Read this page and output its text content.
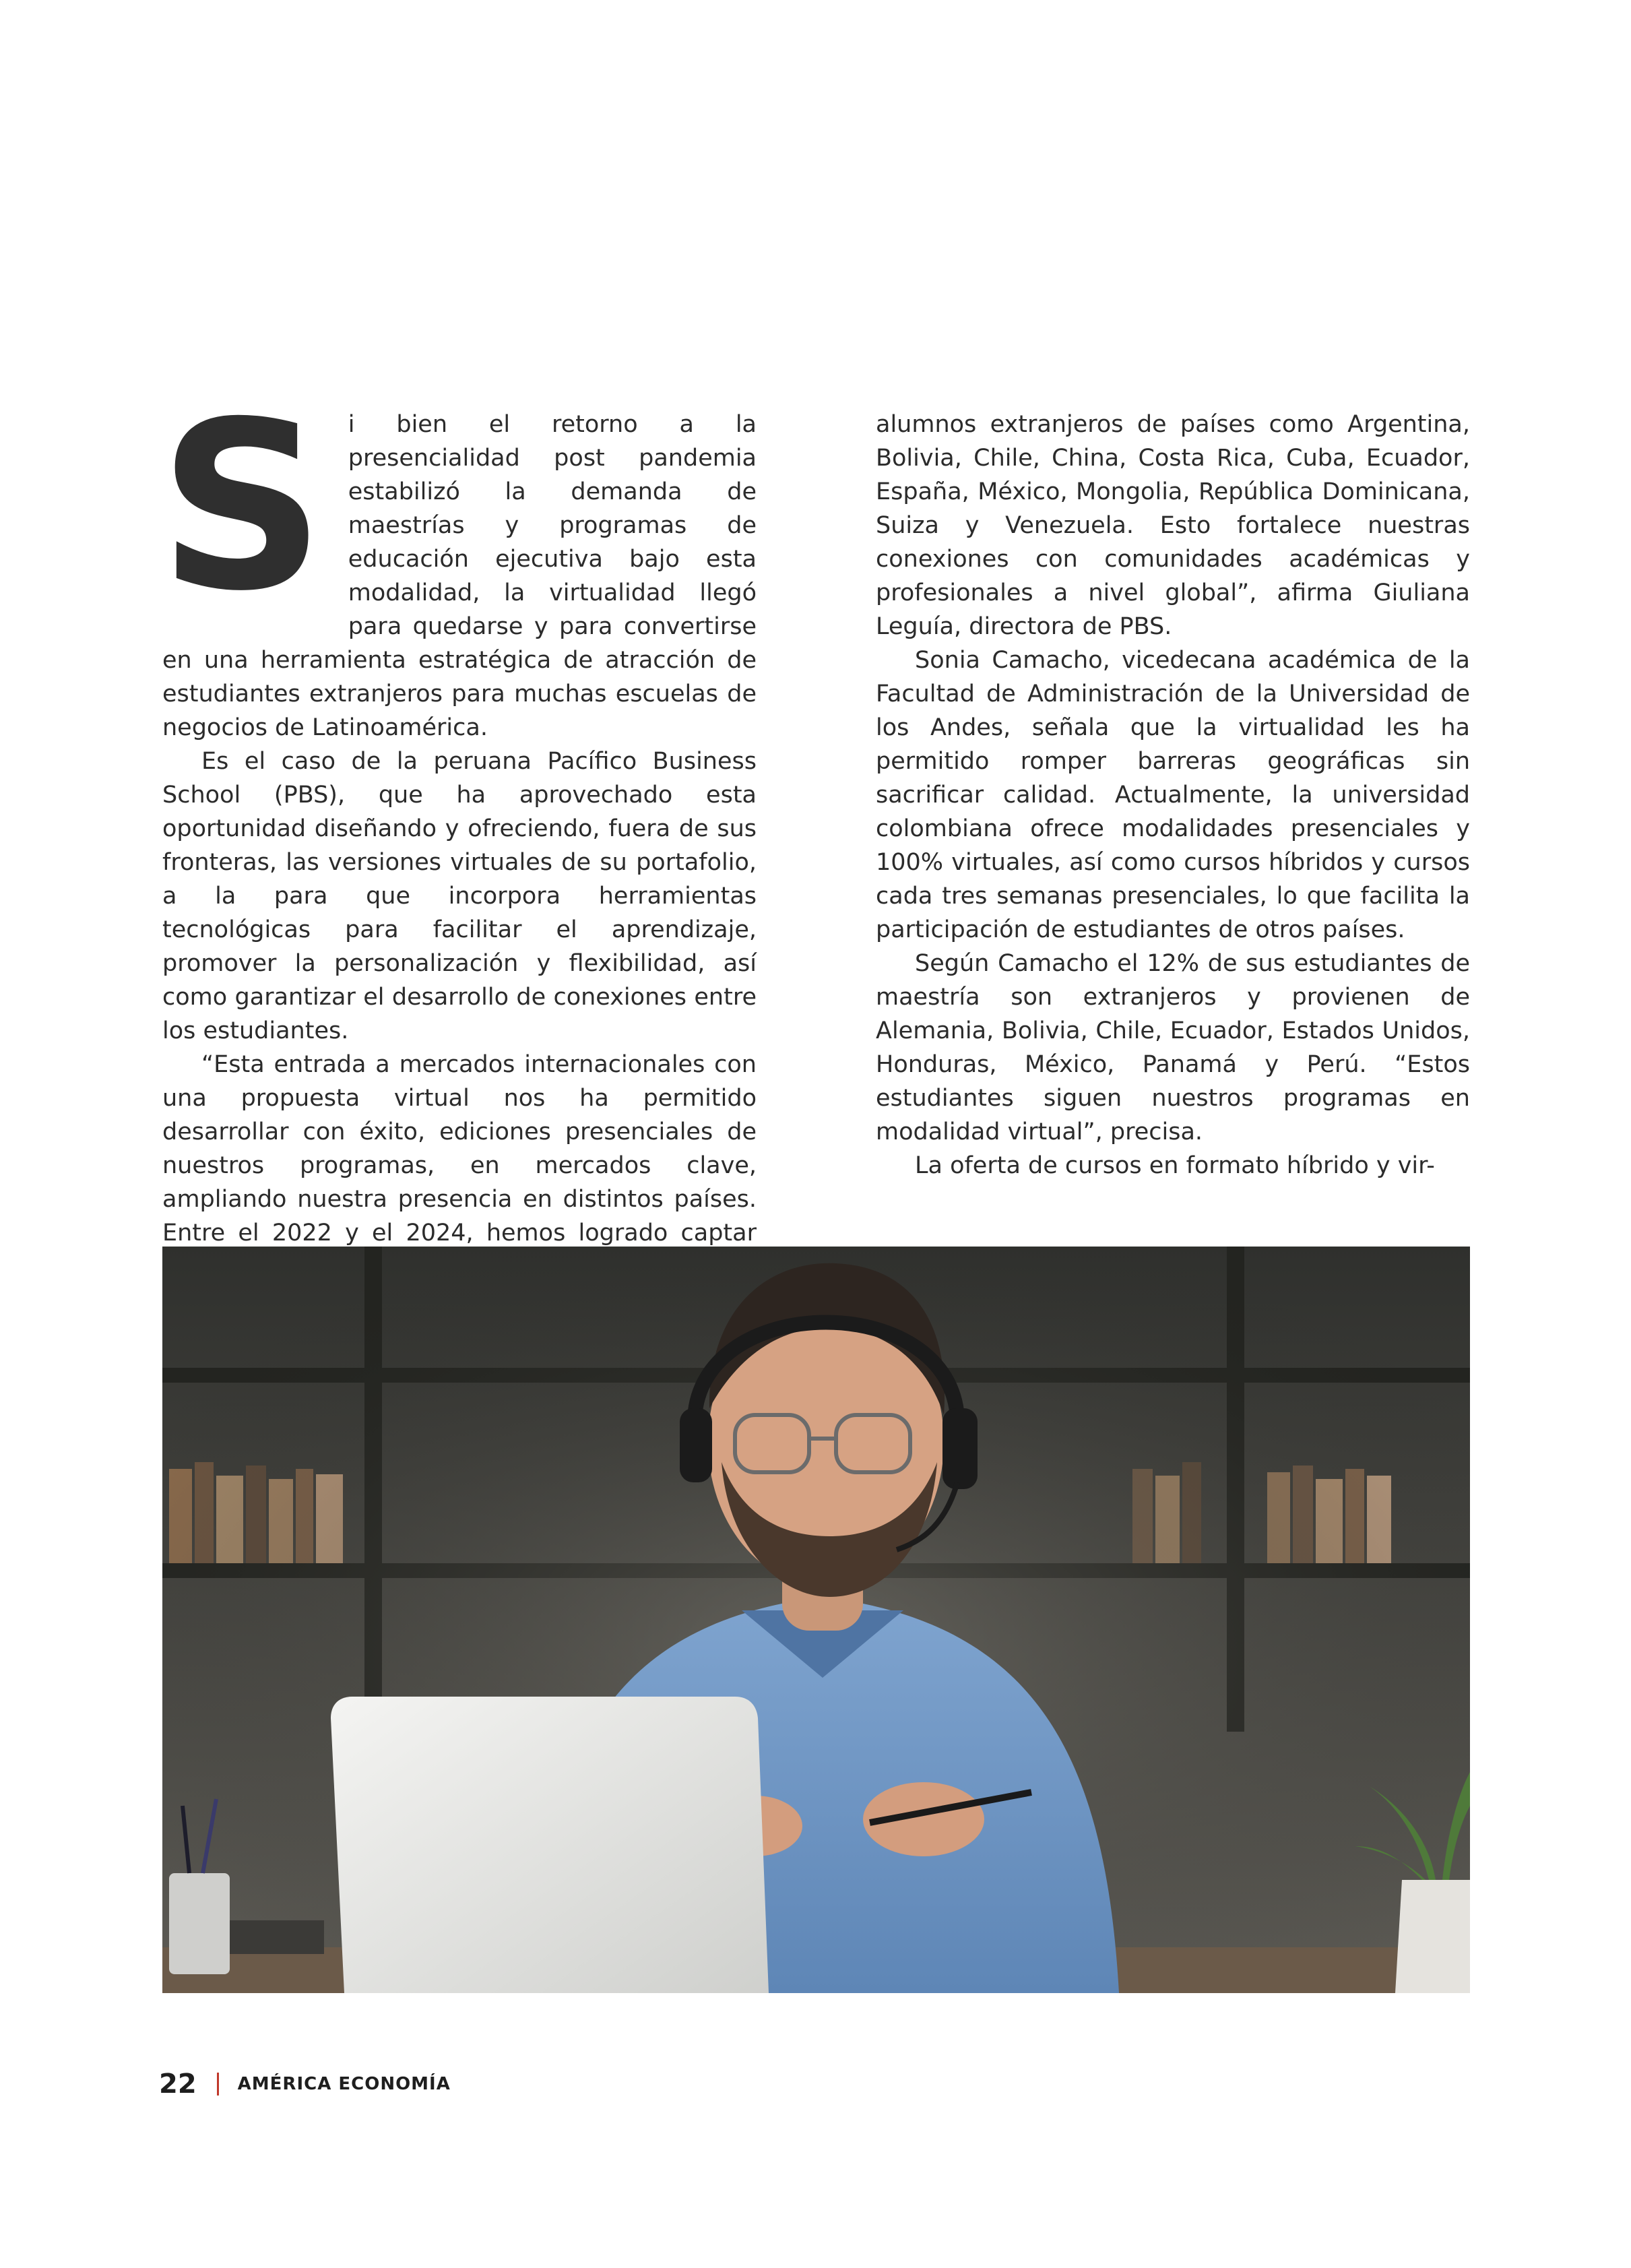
Si bien el retorno a la presencialidad post pandemia estabilizó la demanda de maestrías y programas de educación ejecutiva bajo esta modalidad, la virtualidad llegó para quedarse y para convertirse en una herramienta estratégica de atracción de estudiantes extranjeros para muchas escuelas de negocios de Latinoamérica.

Es el caso de la peruana Pacífico Business School (PBS), que ha aprovechado esta oportunidad diseñando y ofreciendo, fuera de sus fronteras, las versiones virtuales de su portafolio, a la para que incorpora herramientas tecnológicas para facilitar el aprendizaje, promover la personalización y flexibilidad, así como garantizar el desarrollo de conexiones entre los estudiantes.

“Esta entrada a mercados internacionales con una propuesta virtual nos ha permitido desarrollar con éxito, ediciones presenciales de nuestros programas, en mercados clave, ampliando nuestra presencia en distintos países. Entre el 2022 y el 2024, hemos logrado captar

alumnos extranjeros de países como Argentina, Bolivia, Chile, China, Costa Rica, Cuba, Ecuador, España, México, Mongolia, República Dominicana, Suiza y Venezuela. Esto fortalece nuestras conexiones con comunidades académicas y profesionales a nivel global”, afirma Giuliana Leguía, directora de PBS.

Sonia Camacho, vicedecana académica de la Facultad de Administración de la Universidad de los Andes, señala que la virtualidad les ha permitido romper barreras geográficas sin sacrificar calidad. Actualmente, la universidad colombiana ofrece modalidades presenciales y 100% virtuales, así como cursos híbridos y cursos cada tres semanas presenciales, lo que facilita la participación de estudiantes de otros países.

Según Camacho el 12% de sus estudiantes de maestría son extranjeros y provienen de Alemania, Bolivia, Chile, Ecuador, Estados Unidos, Honduras, México, Panamá y Perú. “Estos estudiantes siguen nuestros programas en modalidad virtual”, precisa.

La oferta de cursos en formato híbrido y vir-

22 AMÉRICA ECONOMÍA
